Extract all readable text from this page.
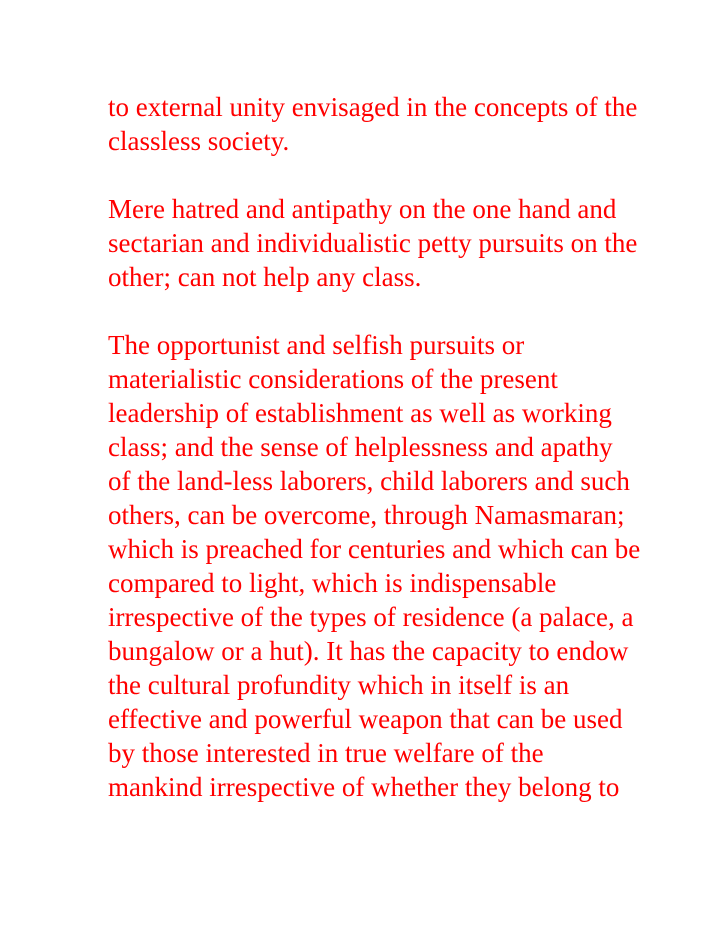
to external unity envisaged in the concepts of the
classless society.

Mere hatred and antipathy on the one hand and
sectarian and individualistic petty pursuits on the
other; can not help any class.

The opportunist and selfish pursuits or
materialistic considerations of the present
leadership of establishment as well as working
class; and the sense of helplessness and apathy
of the land-less laborers, child laborers and such
others, can be overcome, through Namasmaran;
which is preached for centuries and which can be
compared to light, which is indispensable
irrespective of the types of residence (a palace, a
bungalow or a hut). It has the capacity to endow
the cultural profundity which in itself is an
effective and powerful weapon that can be used
by those interested in true welfare of the
mankind irrespective of whether they belong to
